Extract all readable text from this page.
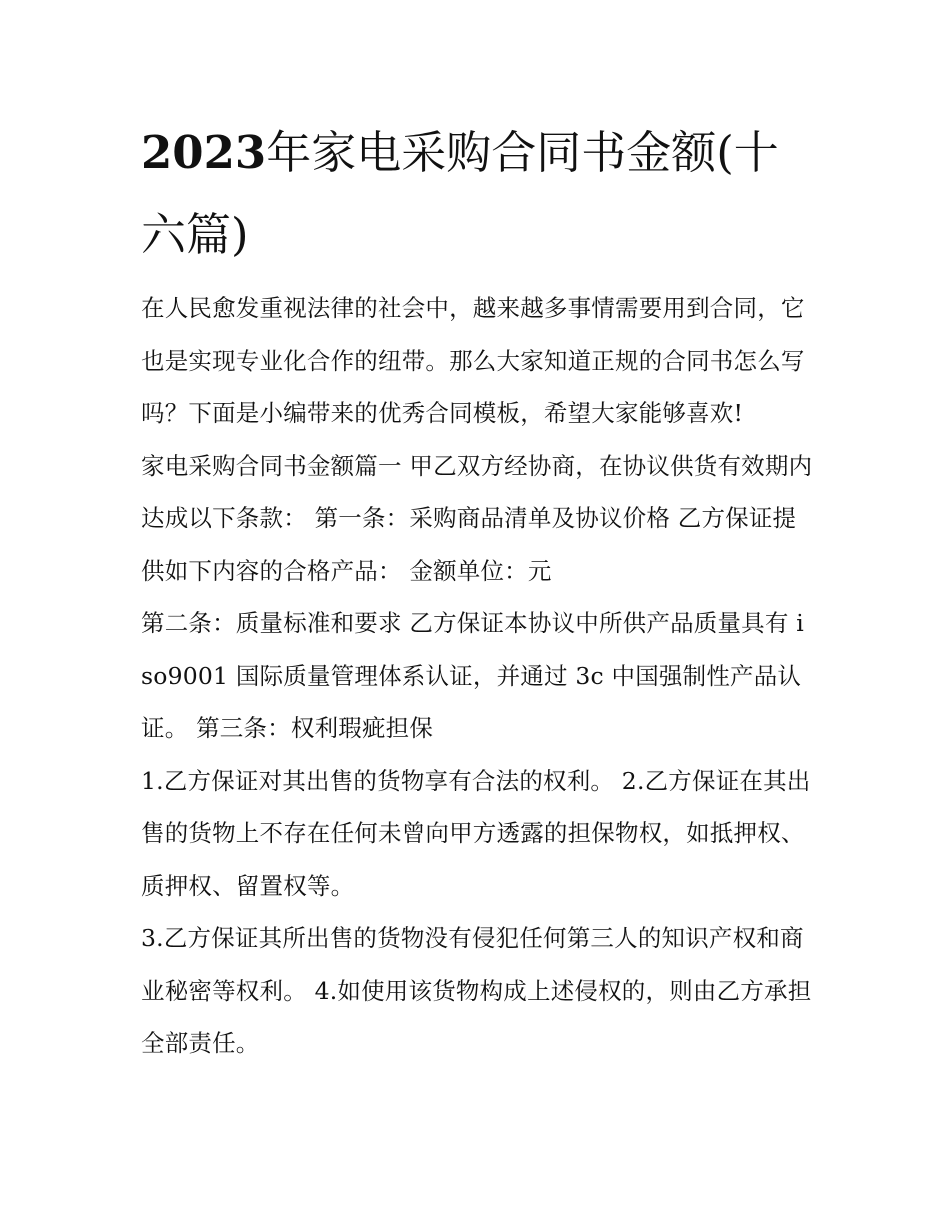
2023年家电采购合同书金额(十六篇)

在人民愈发重视法律的社会中，越来越多事情需要用到合同，它也是实现专业化合作的纽带。那么大家知道正规的合同书怎么写吗？下面是小编带来的优秀合同模板，希望大家能够喜欢!

家电采购合同书金额篇一 甲乙双方经协商，在协议供货有效期内达成以下条款： 第一条：采购商品清单及协议价格 乙方保证提供如下内容的合格产品： 金额单位：元

第二条：质量标准和要求 乙方保证本协议中所供产品质量具有 iso9001 国际质量管理体系认证，并通过 3c 中国强制性产品认证。 第三条：权利瑕疵担保

1.乙方保证对其出售的货物享有合法的权利。 2.乙方保证在其出售的货物上不存在任何未曾向甲方透露的担保物权，如抵押权、质押权、留置权等。

3.乙方保证其所出售的货物没有侵犯任何第三人的知识产权和商业秘密等权利。 4.如使用该货物构成上述侵权的，则由乙方承担全部责任。
